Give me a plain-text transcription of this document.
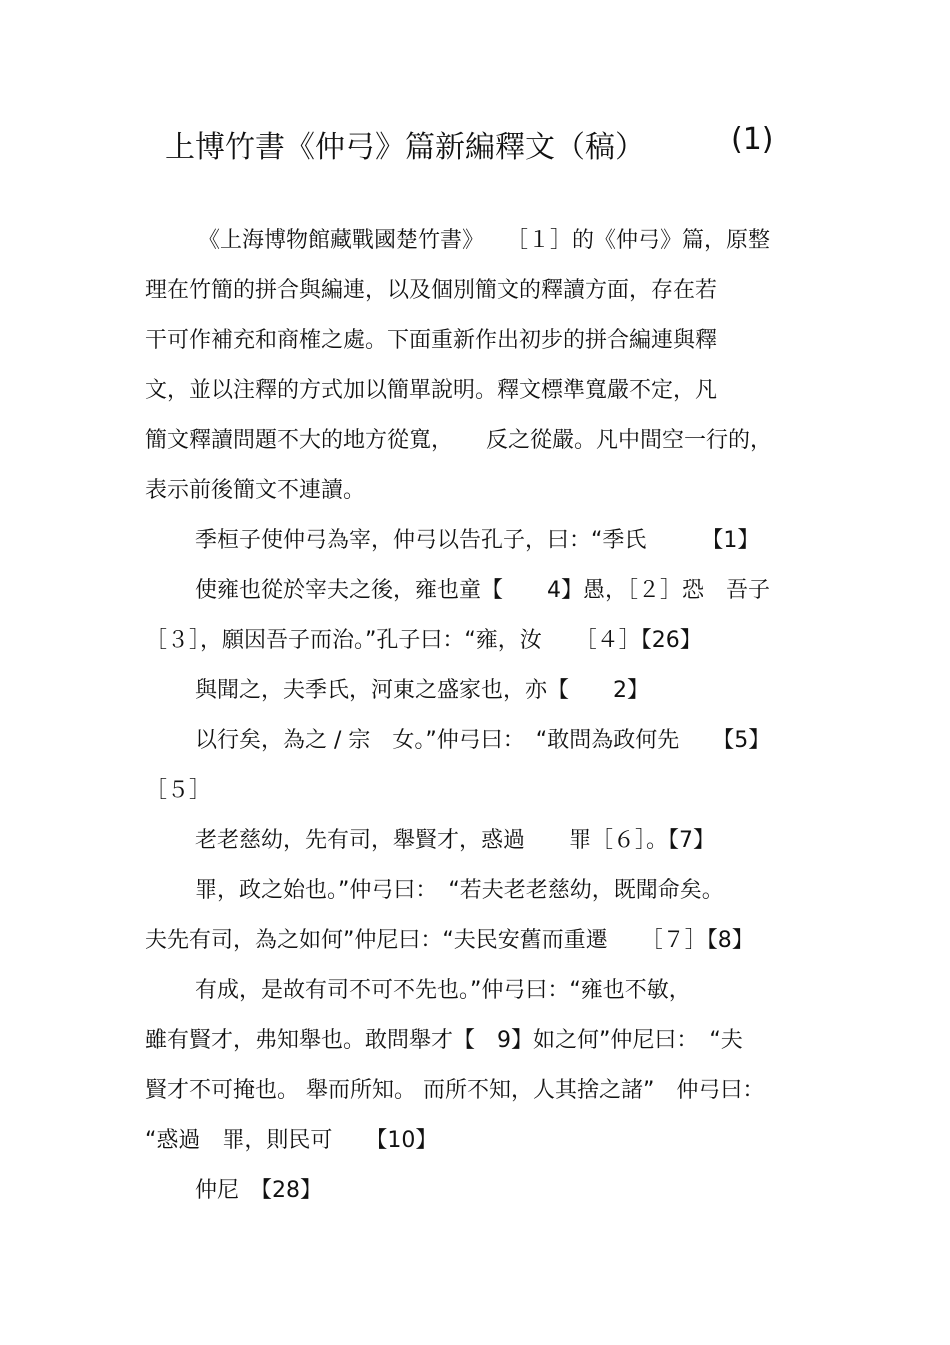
上博竹書《仲弓》篇新編釋文（稿）	(1)
《上海博物館藏戰國楚竹書》　　［１］的《仲弓》篇，原整
理在竹簡的拼合與編連，以及個別簡文的釋讀方面，存在若
干可作補充和商榷之處。下面重新作出初步的拼合編連與釋
文，並以注釋的方式加以簡單說明。釋文標準寬嚴不定，凡
簡文釋讀問題不大的地方從寬，　　反之從嚴。凡中間空一行的，
表示前後簡文不連讀。
季桓子使仲弓為宰，仲弓以告孔子，曰：“季氏　　　【1】
使雍也從於宰夫之後，雍也童【　　4】愚，［２］恐　吾子
［３］，願因吾子而治。”孔子曰：“雍，汝　　［４］【26】
與聞之，夫季氏，河東之盛家也，亦【　　2】
以行矣，為之 / 宗　女。”仲弓曰：　“敢問為政何先　　【5】
［５］
老老慈幼，先有司，舉賢才，惑過　　罪［６］。【7】
罪，政之始也。”仲弓曰：　“若夫老老慈幼，既聞命矣。
夫先有司，為之如何”仲尼曰：“夫民安舊而重遷　　［７］【8】
有成，是故有司不可不先也。”仲弓曰：“雍也不敏，
雖有賢才，弗知舉也。敢問舉才【　9】如之何”仲尼曰：　“夫
賢才不可掩也。 舉而所知。 而所不知，人其捨之諸”　仲弓曰：
“惑過　罪，則民可　　【10】
仲尼　【28】
